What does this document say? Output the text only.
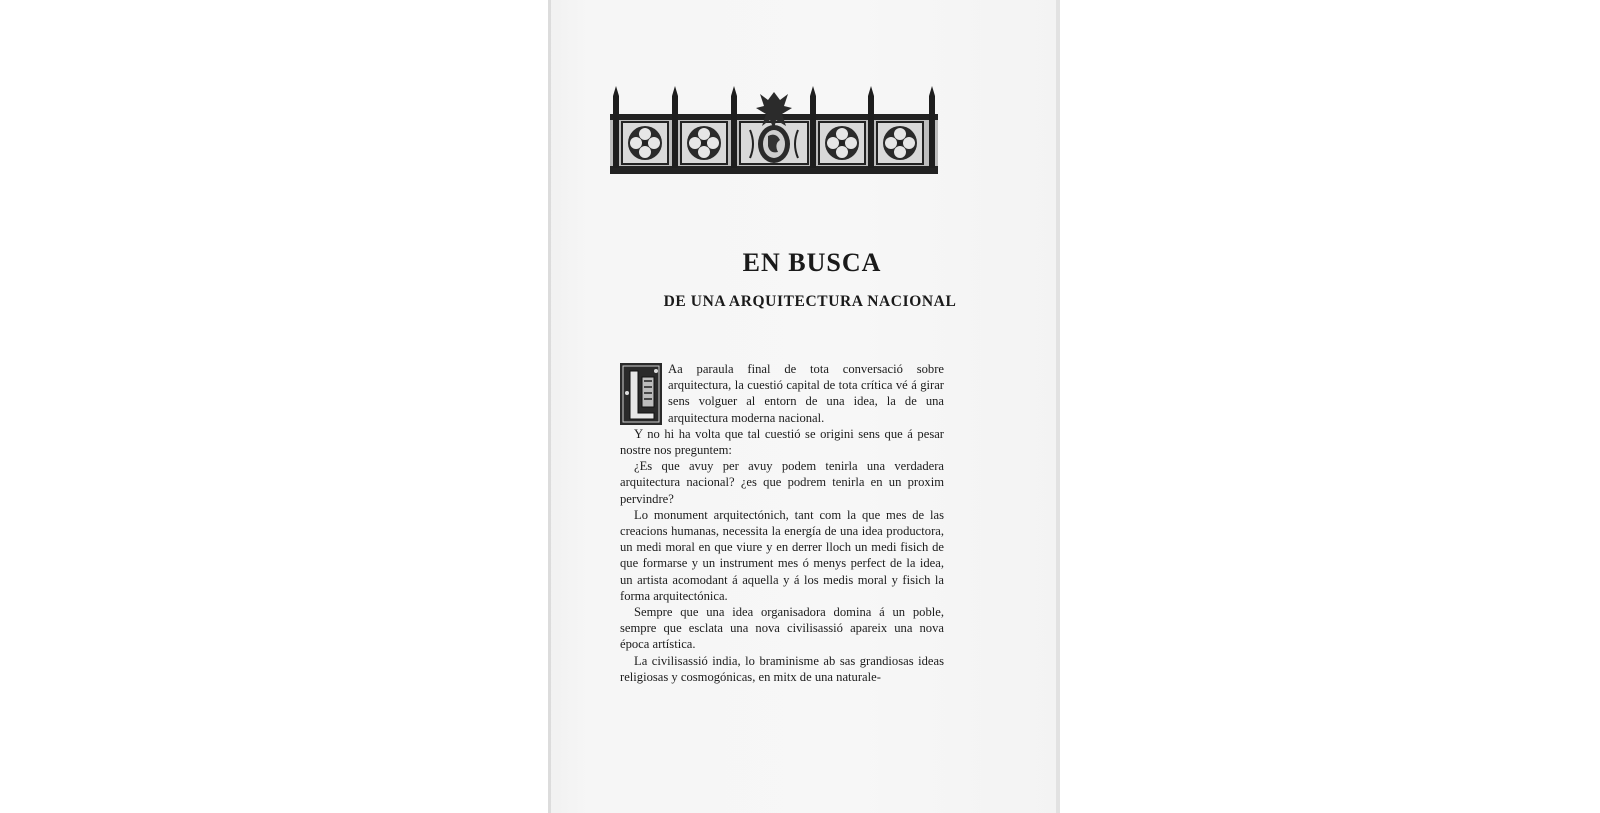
EN BUSCA
DE UNA ARQUITECTURA NACIONAL

Aa paraula final de tota conversació sobre arquitectura, la cuestió capital de tota crítica vé á girar sens volguer al entorn de una idea, la de una arquitectura moderna nacional.

Y no hi ha volta que tal cuestió se origini sens que á pesar nostre nos preguntem:

¿Es que avuy per avuy podem tenirla una verdadera arquitectura nacional? ¿es que podrem tenirla en un proxim pervindre?

Lo monument arquitectónich, tant com la que mes de las creacions humanas, necessita la energía de una idea productora, un medi moral en que viure y en derrer lloch un medi fisich de que formarse y un instrument mes ó menys perfect de la idea, un artista acomodant á aquella y á los medis moral y fisich la forma arquitectónica.

Sempre que una idea organisadora domina á un poble, sempre que esclata una nova civilisassió apareix una nova época artística.

La civilisassió india, lo braminisme ab sas grandiosas ideas religiosas y cosmogónicas, en mitx de una naturale-
